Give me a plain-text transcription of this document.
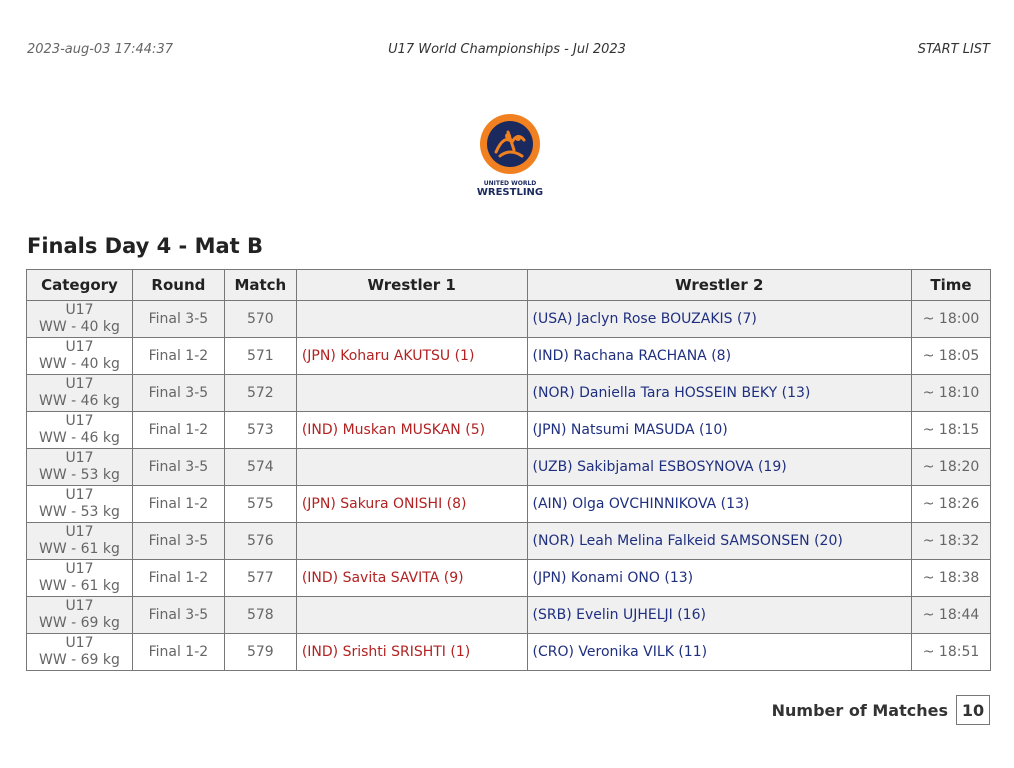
2023-aug-03 17:44:37	U17 World Championships - Jul 2023	START LIST
UNITED WORLD
WRESTLING
Finals Day 4 - Mat B
Category	Round	Match	Wrestler 1	Wrestler 2	Time

U17
WW - 40 kg	Final 3-5	570		(USA) Jaclyn Rose BOUZAKIS (7)	~ 18:00

U17
WW - 40 kg	Final 1-2	571	(JPN) Koharu AKUTSU (1)	(IND) Rachana RACHANA (8)	~ 18:05

U17
WW - 46 kg	Final 3-5	572		(NOR) Daniella Tara HOSSEIN BEKY (13)	~ 18:10

U17
WW - 46 kg	Final 1-2	573	(IND) Muskan MUSKAN (5)	(JPN) Natsumi MASUDA (10)	~ 18:15

U17
WW - 53 kg	Final 3-5	574		(UZB) Sakibjamal ESBOSYNOVA (19)	~ 18:20

U17
WW - 53 kg	Final 1-2	575	(JPN) Sakura ONISHI (8)	(AIN) Olga OVCHINNIKOVA (13)	~ 18:26

U17
WW - 61 kg	Final 3-5	576		(NOR) Leah Melina Falkeid SAMSONSEN (20)	~ 18:32

U17
WW - 61 kg	Final 1-2	577	(IND) Savita SAVITA (9)	(JPN) Konami ONO (13)	~ 18:38

U17
WW - 69 kg	Final 3-5	578		(SRB) Evelin UJHELJI (16)	~ 18:44

U17
WW - 69 kg	Final 1-2	579	(IND) Srishti SRISHTI (1)	(CRO) Veronika VILK (11)	~ 18:51
Number of Matches 10
